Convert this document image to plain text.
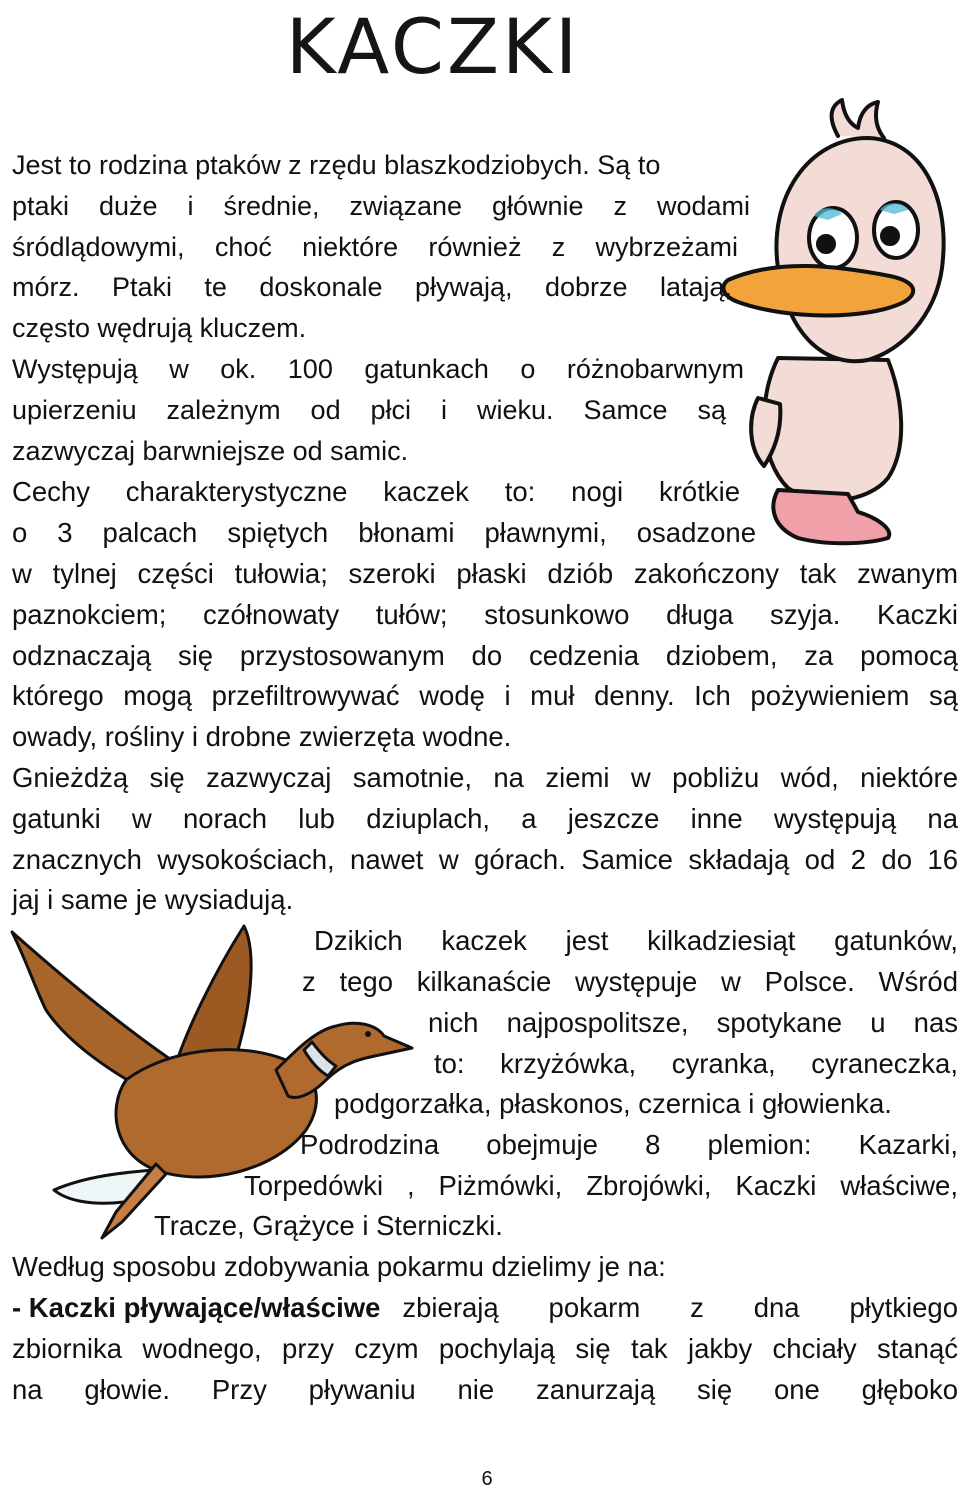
KACZKI
Jest to rodzina ptaków z rzędu blaszkodziobych. Są to
ptaki duże i średnie, związane głównie z wodami
śródlądowymi, choć niektóre również z wybrzeżami
mórz. Ptaki te doskonale pływają, dobrze latają,
często wędrują kluczem.
Występują w ok. 100 gatunkach o różnobarwnym
upierzeniu zależnym od płci i wieku. Samce są
zazwyczaj barwniejsze od samic.
Cechy charakterystyczne kaczek to: nogi krótkie
o 3 palcach spiętych błonami pławnymi, osadzone
w tylnej części tułowia; szeroki płaski dziób zakończony tak zwanym
paznokciem; czółnowaty tułów; stosunkowo długa szyja. Kaczki
odznaczają się przystosowanym do cedzenia dziobem, za pomocą
którego mogą przefiltrowywać wodę i muł denny. Ich pożywieniem są
owady, rośliny i drobne zwierzęta wodne.
Gnieżdżą się zazwyczaj samotnie, na ziemi w pobliżu wód, niektóre
gatunki w norach lub dziuplach, a jeszcze inne występują na
znacznych wysokościach, nawet w górach. Samice składają od 2 do 16
jaj i same je wysiadują.
Dzikich kaczek jest kilkadziesiąt gatunków,
z tego kilkanaście występuje w Polsce. Wśród
nich najpospolitsze, spotykane u nas
to: krzyżówka, cyranka, cyraneczka,
podgorzałka, płaskonos, czernica i głowienka.
Podrodzina obejmuje 8 plemion: Kazarki,
Torpedówki , Piżmówki, Zbrojówki, Kaczki właściwe,
Tracze, Grążyce i Sterniczki.
Według sposobu zdobywania pokarmu dzielimy je na:
- Kaczki pływające/właściwe zbierają pokarm z dna płytkiego
zbiornika wodnego, przy czym pochylają się tak jakby chciały stanąć
na głowie. Przy pływaniu nie zanurzają się one głęboko
6
